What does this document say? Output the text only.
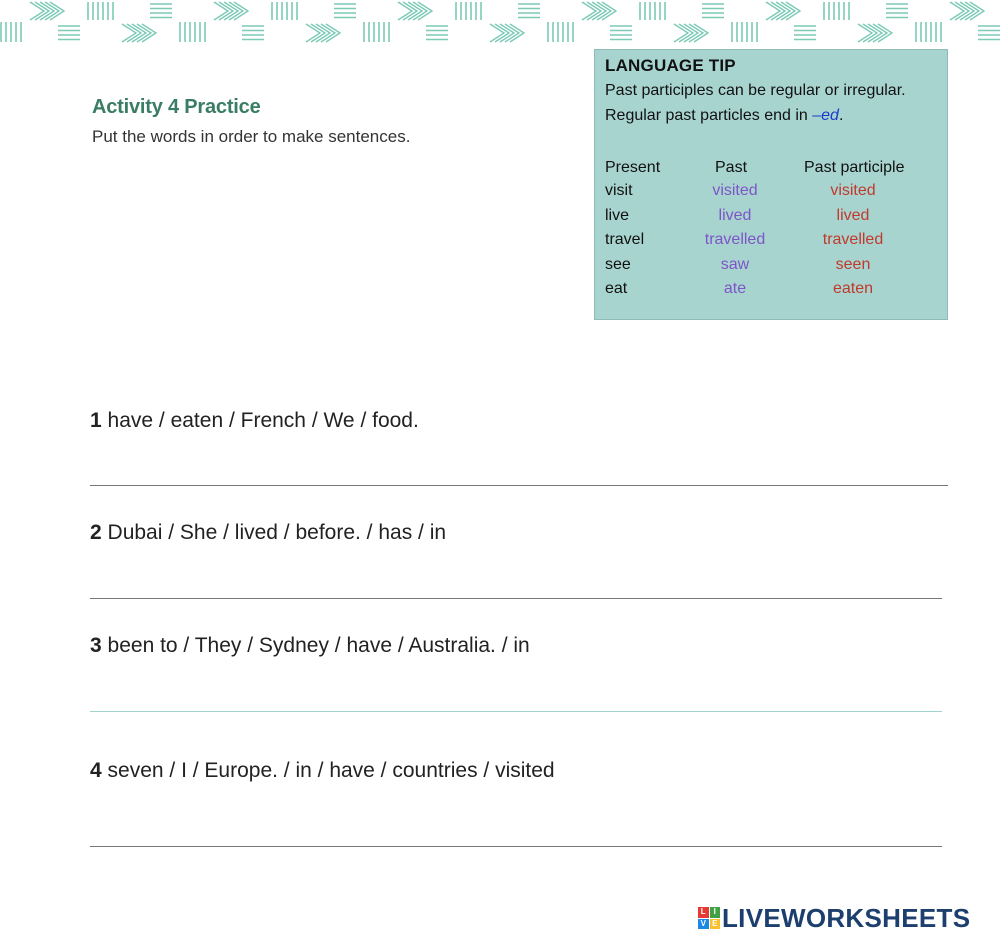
Activity 4 Practice
Put the words in order to make sentences.
LANGUAGE TIP
Past participles can be regular or irregular.
Regular past particles end in –ed.
Present	Past	Past participle
visit	visited	visited
live	lived	lived
travel	travelled	travelled
see	saw	seen
eat	ate	eaten
1 have / eaten / French / We / food.
2 Dubai / She / lived / before. / has / in
3 been to / They / Sydney / have / Australia. / in
4 seven / I / Europe. / in / have / countries / visited
L I
V E LIVEWORKSHEETS
